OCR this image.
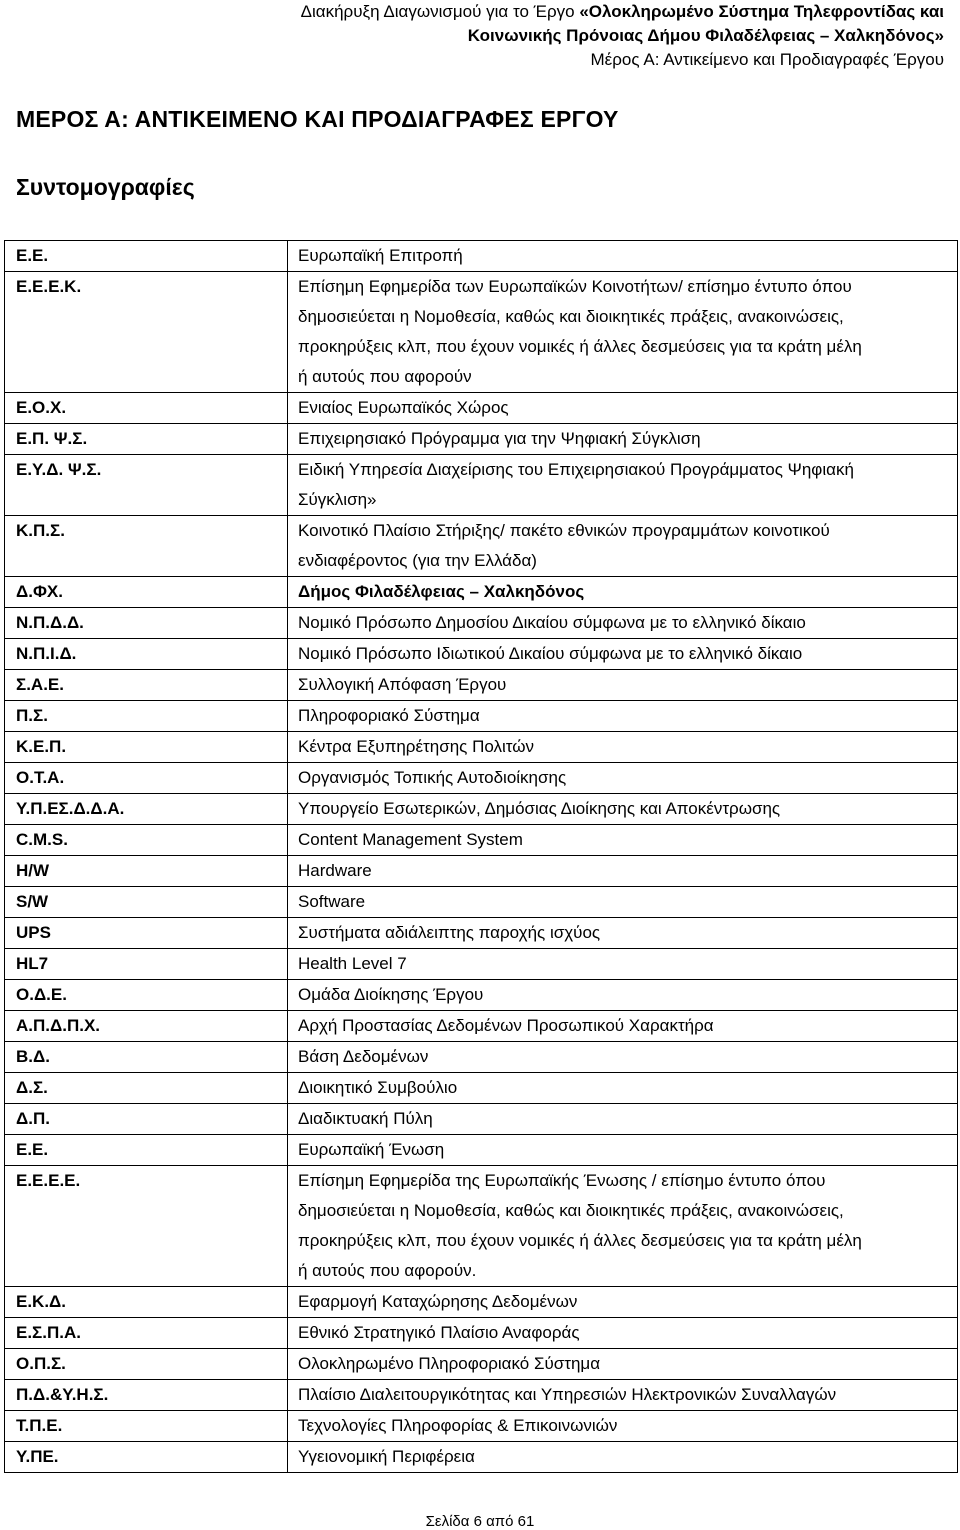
Διακήρυξη Διαγωνισμού για το Έργο «Ολοκληρωμένο Σύστημα Τηλεφροντίδας και
Κοινωνικής Πρόνοιας Δήμου Φιλαδέλφειας – Χαλκηδόνος»
Μέρος Α: Αντικείμενο και Προδιαγραφές Έργου
ΜΕΡΟΣ Α: ΑΝΤΙΚΕΙΜΕΝΟ ΚΑΙ ΠΡΟΔΙΑΓΡΑΦΕΣ ΕΡΓΟΥ
Συντομογραφίες
Ε.Ε.	Ευρωπαϊκή Επιτροπή

Ε.Ε.Ε.Κ.	Επίσημη Εφημερίδα των Ευρωπαϊκών Κοινοτήτων/ επίσημο έντυπο όπου
δημοσιεύεται η Νομοθεσία, καθώς και διοικητικές πράξεις, ανακοινώσεις,
προκηρύξεις κλπ, που έχουν νομικές ή άλλες δεσμεύσεις για τα κράτη μέλη
ή αυτούς που αφορούν

Ε.Ο.Χ.	Ενιαίος Ευρωπαϊκός Χώρος

Ε.Π. Ψ.Σ.	Επιχειρησιακό Πρόγραμμα για την Ψηφιακή Σύγκλιση

Ε.Υ.Δ. Ψ.Σ.	Ειδική Υπηρεσία Διαχείρισης του Επιχειρησιακού Προγράμματος Ψηφιακή
Σύγκλιση»

Κ.Π.Σ.	Κοινοτικό Πλαίσιο Στήριξης/ πακέτο εθνικών προγραμμάτων κοινοτικού
ενδιαφέροντος (για την Ελλάδα)

Δ.ΦΧ.	Δήμος Φιλαδέλφειας – Χαλκηδόνος

Ν.Π.Δ.Δ.	Νομικό Πρόσωπο Δημοσίου Δικαίου σύμφωνα με το ελληνικό δίκαιο

Ν.Π.Ι.Δ.	Νομικό Πρόσωπο Ιδιωτικού Δικαίου σύμφωνα με το ελληνικό δίκαιο

Σ.Α.Ε.	Συλλογική Απόφαση Έργου

Π.Σ.	Πληροφοριακό Σύστημα

Κ.Ε.Π.	Κέντρα Εξυπηρέτησης Πολιτών

Ο.Τ.Α.	Οργανισμός Τοπικής Αυτοδιοίκησης

Υ.Π.ΕΣ.Δ.Δ.Α.	Υπουργείο Εσωτερικών, Δημόσιας Διοίκησης και Αποκέντρωσης

C.M.S.	Content Management System

H/W	Hardware

S/W	Software

UPS	Συστήματα αδιάλειπτης παροχής ισχύος

HL7	Health Level 7

Ο.Δ.Ε.	Ομάδα Διοίκησης Έργου

Α.Π.Δ.Π.Χ.	Αρχή Προστασίας Δεδομένων Προσωπικού Χαρακτήρα

Β.Δ.	Βάση Δεδομένων

Δ.Σ.	Διοικητικό Συμβούλιο

Δ.Π.	Διαδικτυακή Πύλη

Ε.Ε.	Ευρωπαϊκή Ένωση

Ε.Ε.Ε.Ε.	Επίσημη Εφημερίδα της Ευρωπαϊκής Ένωσης / επίσημο έντυπο όπου
δημοσιεύεται η Νομοθεσία, καθώς και διοικητικές πράξεις, ανακοινώσεις,
προκηρύξεις κλπ, που έχουν νομικές ή άλλες δεσμεύσεις για τα κράτη μέλη
ή αυτούς που αφορούν.

Ε.Κ.Δ.	Εφαρμογή Καταχώρησης Δεδομένων

Ε.Σ.Π.Α.	Εθνικό Στρατηγικό Πλαίσιο Αναφοράς

Ο.Π.Σ.	Ολοκληρωμένο Πληροφοριακό Σύστημα

Π.Δ.&Υ.Η.Σ.	Πλαίσιο Διαλειτουργικότητας και Υπηρεσιών Ηλεκτρονικών Συναλλαγών

Τ.Π.Ε.	Τεχνολογίες Πληροφορίας & Επικοινωνιών

Υ.ΠΕ.	Υγειονομική Περιφέρεια
Σελίδα 6 από 61
